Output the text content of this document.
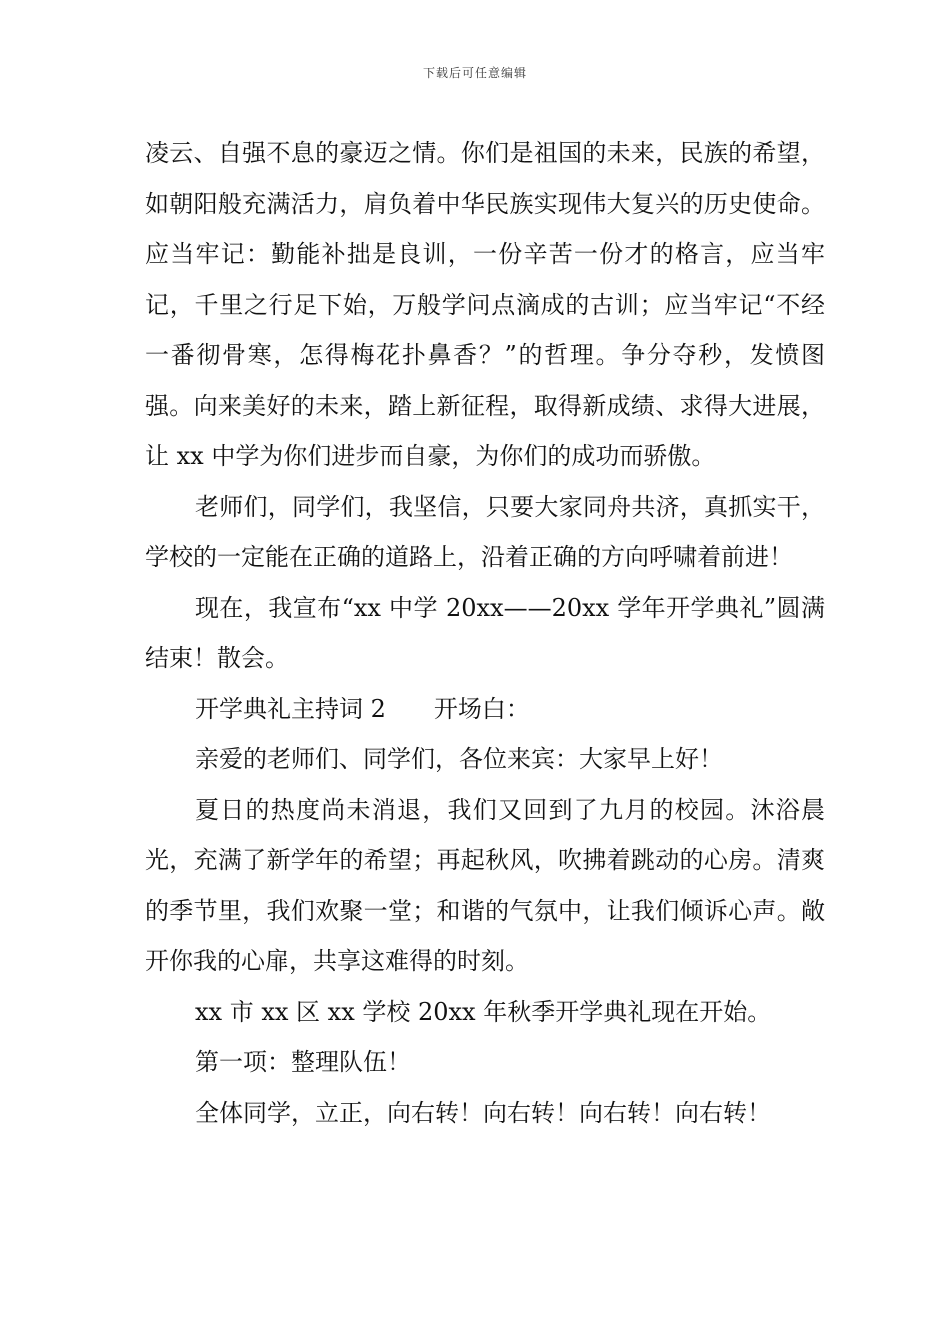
下载后可任意编辑

凌云、自强不息的豪迈之情。你们是祖国的未来，民族的希望，如朝阳般充满活力，肩负着中华民族实现伟大复兴的历史使命。应当牢记：勤能补拙是良训，一份辛苦一份才的格言，应当牢记，千里之行足下始，万般学问点滴成的古训；应当牢记“不经一番彻骨寒，怎得梅花扑鼻香？”的哲理。争分夺秒，发愤图强。向来美好的未来，踏上新征程，取得新成绩、求得大进展，让 xx 中学为你们进步而自豪，为你们的成功而骄傲。

老师们，同学们，我坚信，只要大家同舟共济，真抓实干，学校的一定能在正确的道路上，沿着正确的方向呼啸着前进！

现在，我宣布“xx 中学 20xx——20xx 学年开学典礼”圆满结束！散会。

开学典礼主持词 2 开场白：

亲爱的老师们、同学们，各位来宾：大家早上好！

夏日的热度尚未消退，我们又回到了九月的校园。沐浴晨光，充满了新学年的希望；再起秋风，吹拂着跳动的心房。清爽的季节里，我们欢聚一堂；和谐的气氛中，让我们倾诉心声。敞开你我的心扉，共享这难得的时刻。

xx 市 xx 区 xx 学校 20xx 年秋季开学典礼现在开始。

第一项：整理队伍！

全体同学，立正，向右转！向右转！向右转！向右转！
